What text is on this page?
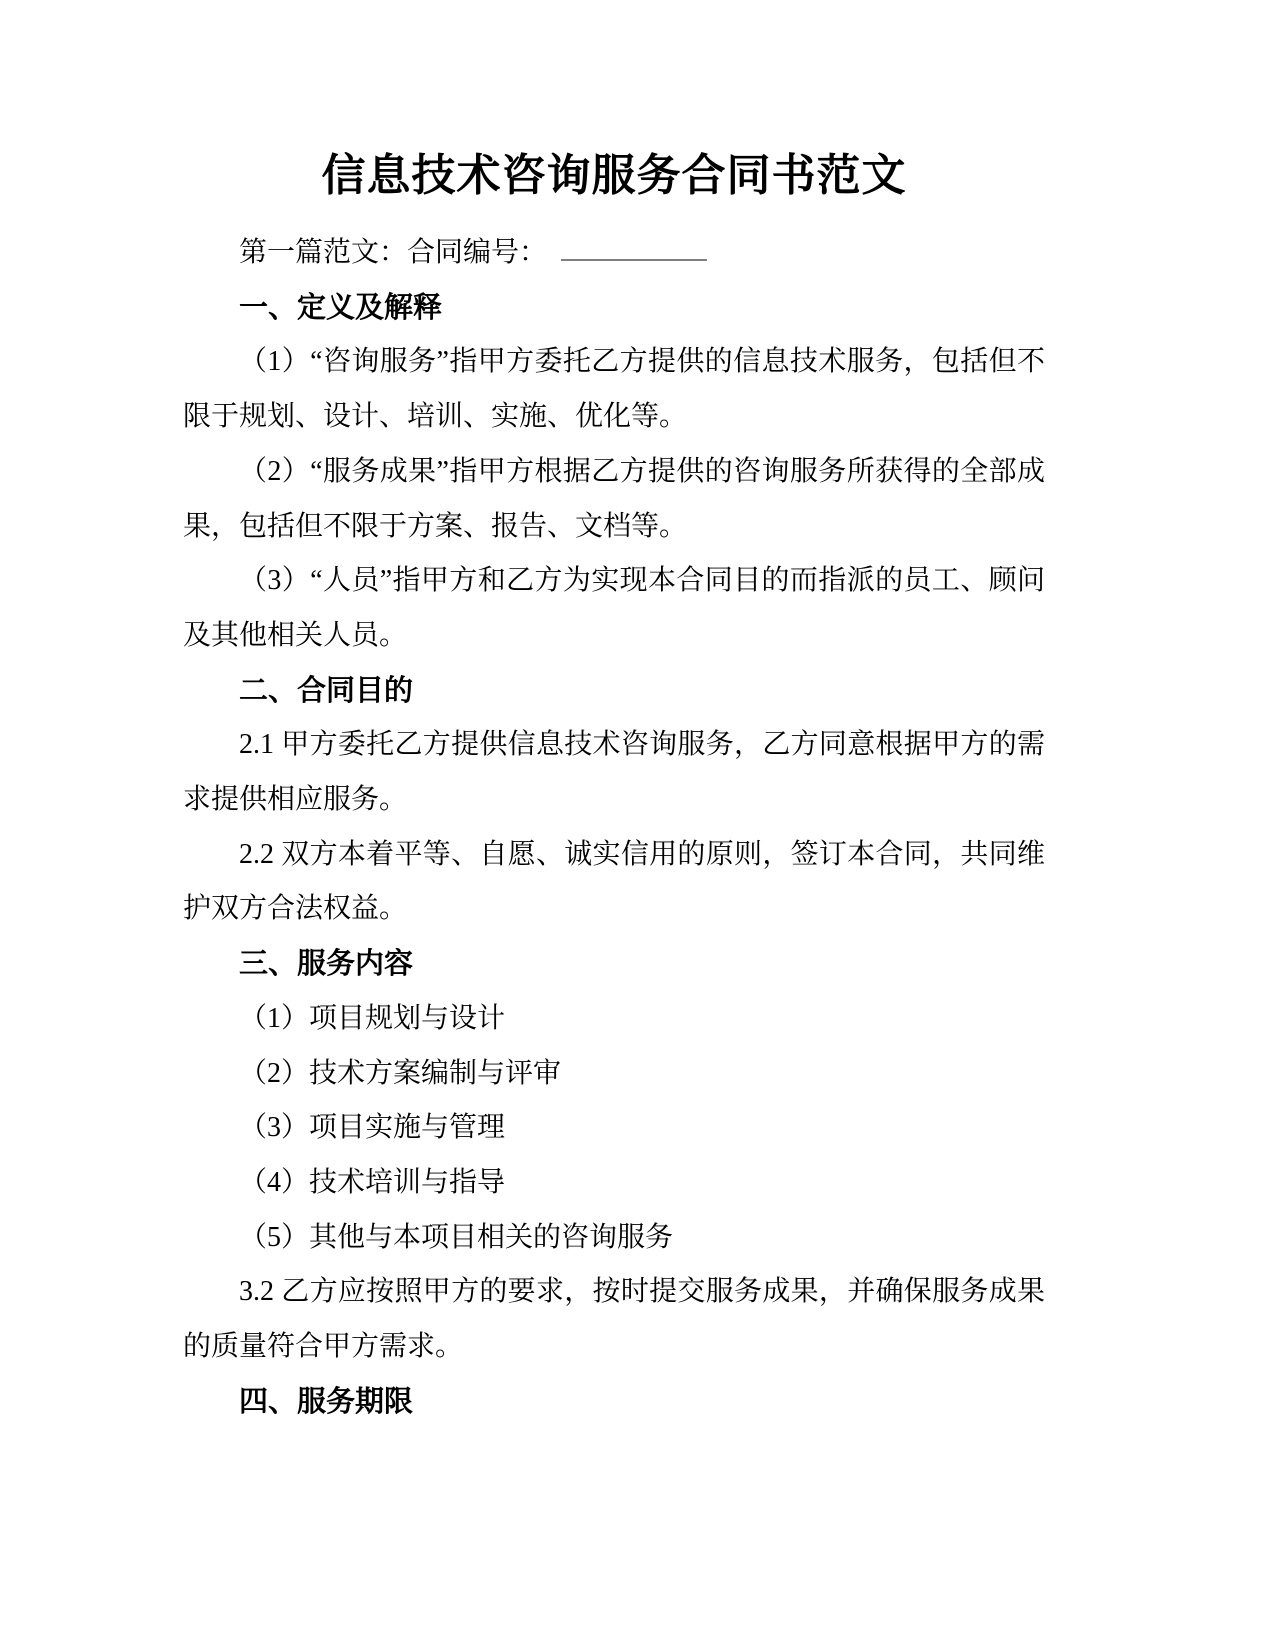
信息技术咨询服务合同书范文

第一篇范文：合同编号：

一、定义及解释

（1）“咨询服务”指甲方委托乙方提供的信息技术服务，包括但不限于规划、设计、培训、实施、优化等。

（2）“服务成果”指甲方根据乙方提供的咨询服务所获得的全部成果，包括但不限于方案、报告、文档等。

（3）“人员”指甲方和乙方为实现本合同目的而指派的员工、顾问及其他相关人员。

二、合同目的

2.1 甲方委托乙方提供信息技术咨询服务，乙方同意根据甲方的需求提供相应服务。

2.2 双方本着平等、自愿、诚实信用的原则，签订本合同，共同维护双方合法权益。

三、服务内容

（1）项目规划与设计

（2）技术方案编制与评审

（3）项目实施与管理

（4）技术培训与指导

（5）其他与本项目相关的咨询服务

3.2 乙方应按照甲方的要求，按时提交服务成果，并确保服务成果的质量符合甲方需求。

四、服务期限
